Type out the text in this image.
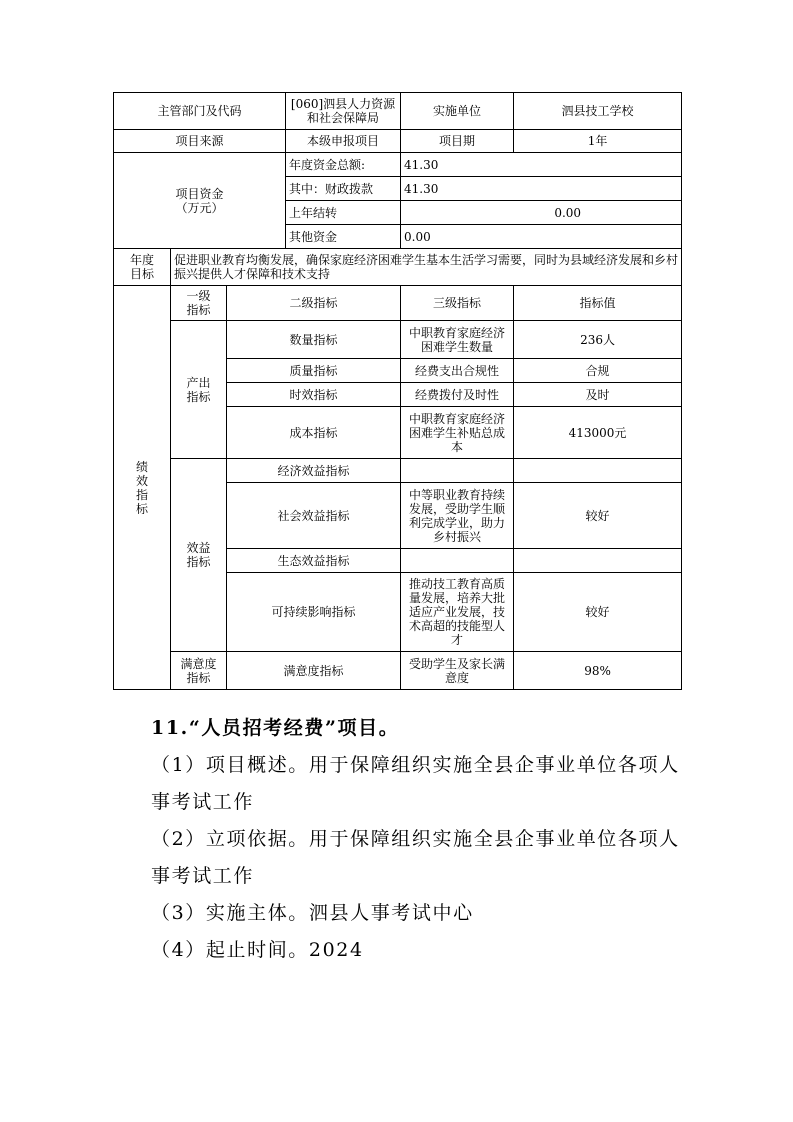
主管部门及代码			[060]泗县人力资源和社会保障局	实施单位	泗县技工学校
项目来源			本级申报项目	项目期	1年
项目资金（万元）			年度资金总额:	41.30	
			其中：财政拨款	41.30	
			上年结转	0.00	
			其他资金	0.00	
年度目标	促进职业教育均衡发展，确保家庭经济困难学生基本生活学习需要，同时为县域经济发展和乡村振兴提供人才保障和技术支持				
绩效指标	一级指标	二级指标		三级指标	指标值
	产出指标	数量指标		中职教育家庭经济困难学生数量	236人
		质量指标		经费支出合规性	合规
		时效指标		经费拨付及时性	及时
		成本指标		中职教育家庭经济困难学生补贴总成本	413000元
	效益指标	经济效益指标			
		社会效益指标		中等职业教育持续发展，受助学生顺利完成学业，助力乡村振兴	较好
		生态效益指标			
		可持续影响指标		推动技工教育高质量发展，培养大批适应产业发展，技术高超的技能型人才	较好
	满意度指标	满意度指标		受助学生及家长满意度	98%

11.“人员招考经费”项目。

（1）项目概述。用于保障组织实施全县企事业单位各项人事考试工作

（2）立项依据。用于保障组织实施全县企事业单位各项人事考试工作

（3）实施主体。泗县人事考试中心

（4）起止时间。2024
